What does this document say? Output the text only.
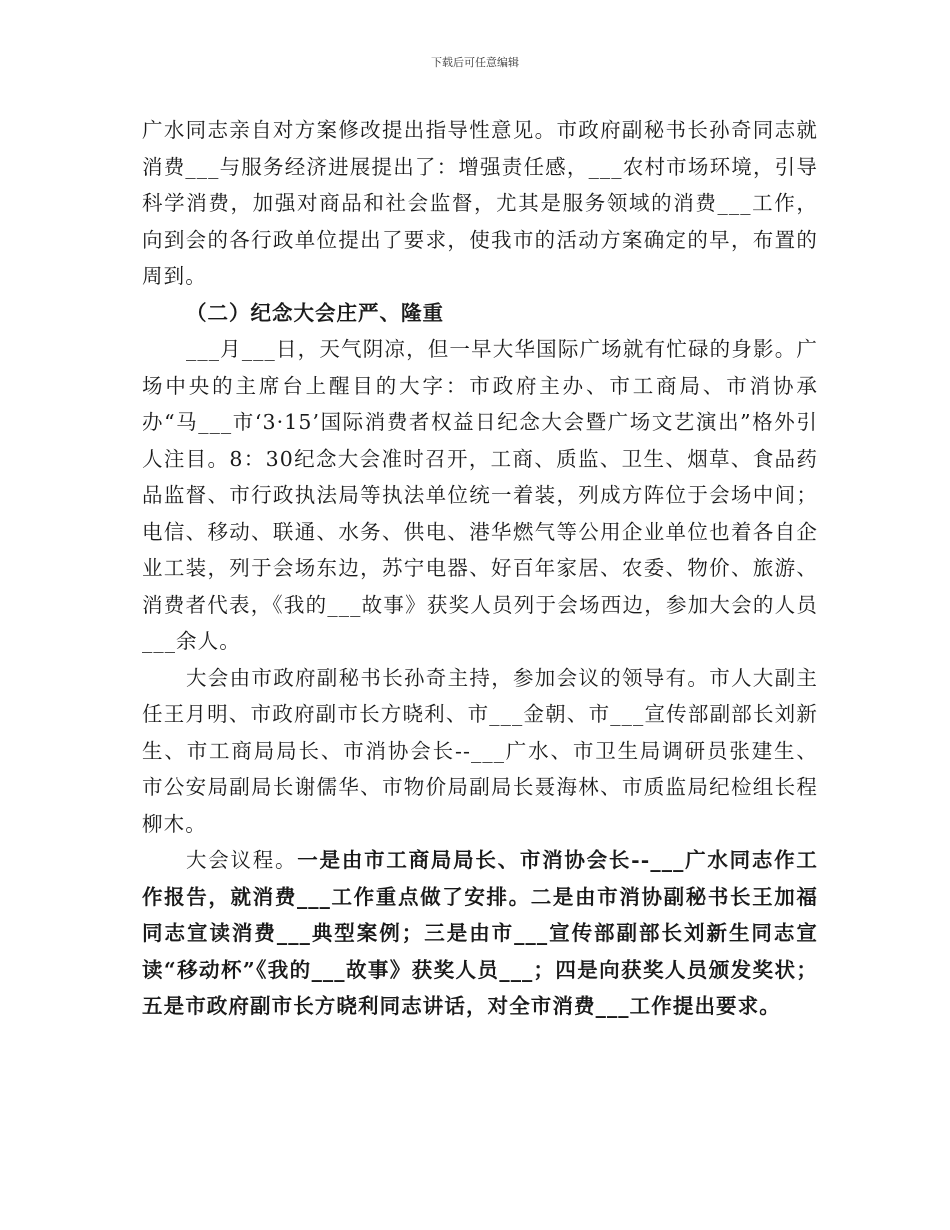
下载后可任意编辑

广水同志亲自对方案修改提出指导性意见。市政府副秘书长孙奇同志就消费___与服务经济进展提出了：增强责任感，___农村市场环境，引导科学消费，加强对商品和社会监督，尤其是服务领域的消费___工作，向到会的各行政单位提出了要求，使我市的活动方案确定的早，布置的周到。

（二）纪念大会庄严、隆重

___月___日，天气阴凉，但一早大华国际广场就有忙碌的身影。广场中央的主席台上醒目的大字：市政府主办、市工商局、市消协承办“马___市‘3·15’国际消费者权益日纪念大会暨广场文艺演出”格外引人注目。8：30纪念大会准时召开，工商、质监、卫生、烟草、食品药品监督、市行政执法局等执法单位统一着装，列成方阵位于会场中间；电信、移动、联通、水务、供电、港华燃气等公用企业单位也着各自企业工装，列于会场东边，苏宁电器、好百年家居、农委、物价、旅游、消费者代表，《我的___故事》获奖人员列于会场西边，参加大会的人员___余人。

大会由市政府副秘书长孙奇主持，参加会议的领导有。市人大副主任王月明、市政府副市长方晓利、市___金朝、市___宣传部副部长刘新生、市工商局局长、市消协会长--___广水、市卫生局调研员张建生、市公安局副局长谢儒华、市物价局副局长聂海林、市质监局纪检组长程柳木。

大会议程。一是由市工商局局长、市消协会长--___广水同志作工作报告，就消费___工作重点做了安排。二是由市消协副秘书长王加福同志宣读消费___典型案例；三是由市___宣传部副部长刘新生同志宣读“移动杯”《我的___故事》获奖人员___；四是向获奖人员颁发奖状；五是市政府副市长方晓利同志讲话，对全市消费___工作提出要求。
